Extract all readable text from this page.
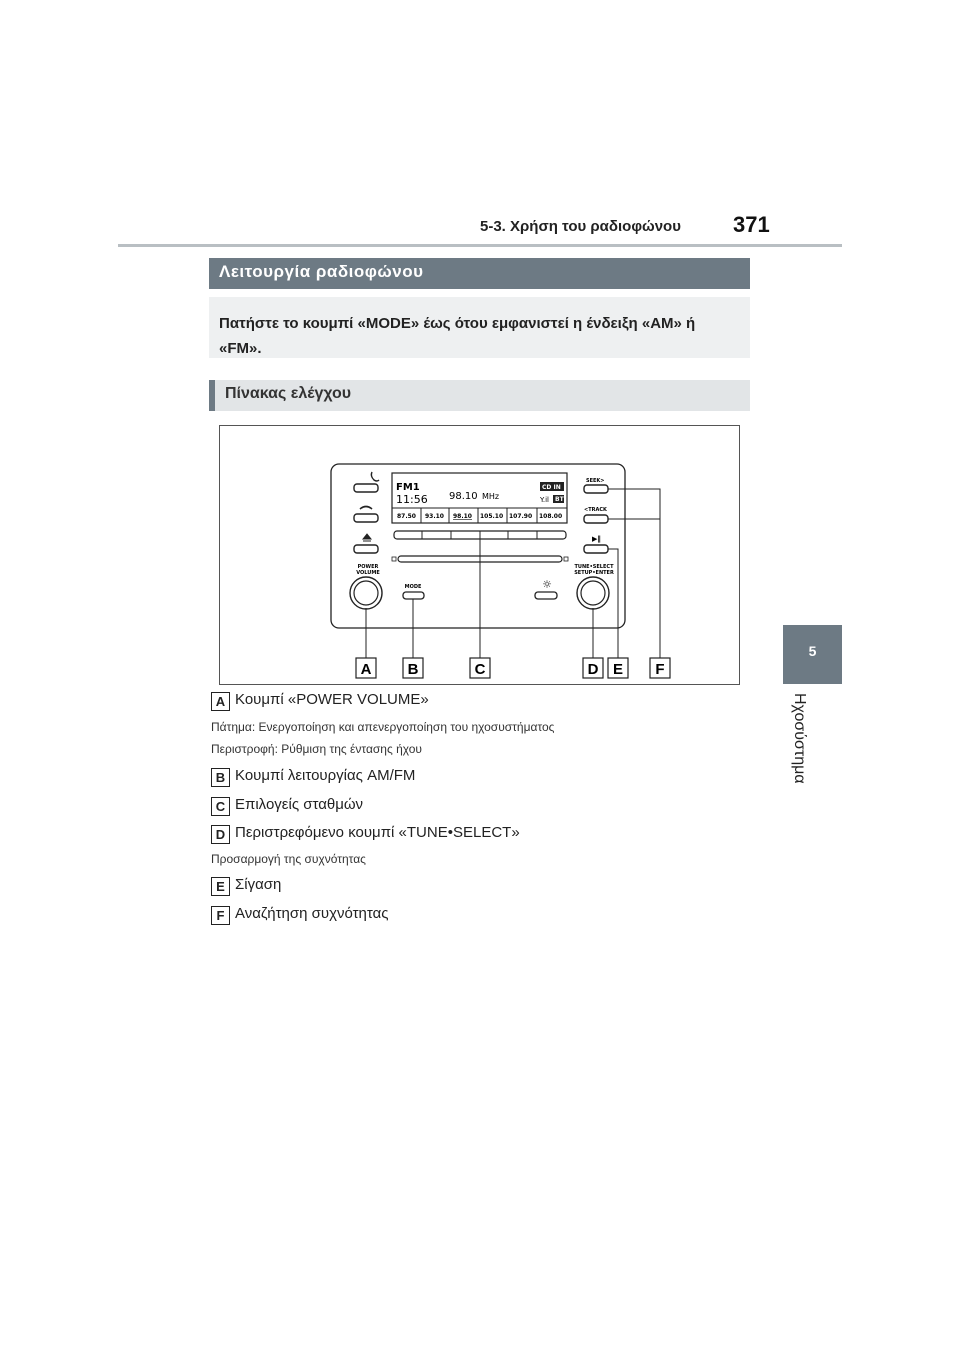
5-3. Χρήση του ραδιοφώνου 371
5
Ηχοσύστημα
Λειτουργία ραδιοφώνου

Πατήστε το κουμπί «MODE» έως ότου εμφανιστεί η ένδειξη «AM» ή «FM».

Πίνακας ελέγχου
FM1
11:56 98.10 MHz
CD IN
Y.il BT
87.50 93.10 98.10 105.10 107.90 108.00
POWER
VOLUME
MODE	☼
SEEK>
<TRACK
▶‖
TUNE•SELECT
SETUP•ENTER
A B	C	D E F
A Κουμπί «POWER VOLUME»
Πάτημα: Ενεργοποίηση και απενεργοποίηση του ηχοσυστήματος
Περιστροφή: Ρύθμιση της έντασης ήχου
B Κουμπί λειτουργίας AM/FM
C Επιλογείς σταθμών
D Περιστρεφόμενο κουμπί «TUNE•SELECT»
Προσαρμογή της συχνότητας
E Σίγαση
F Αναζήτηση συχνότητας
